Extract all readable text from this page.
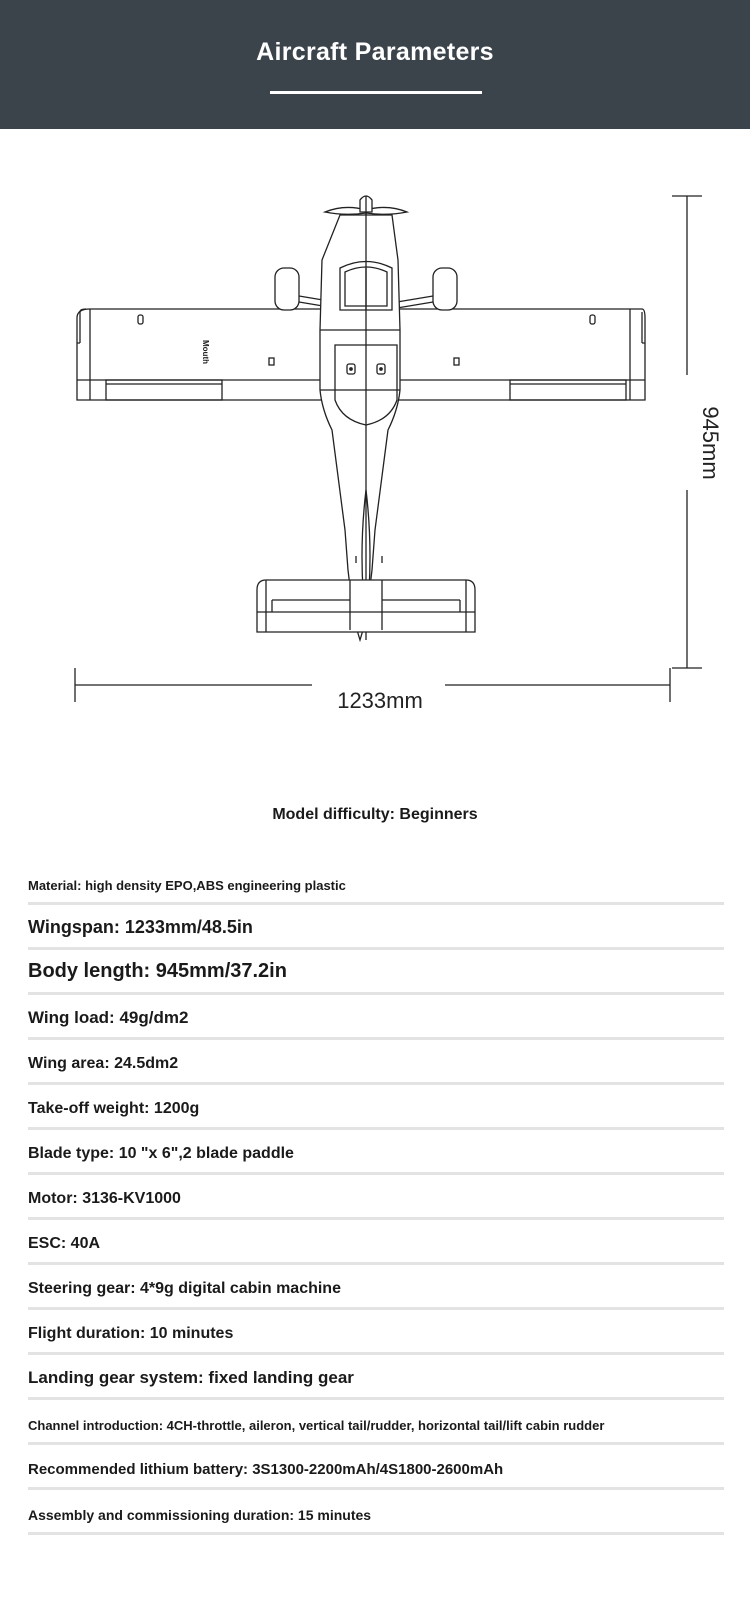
Aircraft Parameters
Mouth
1233mm
945mm
Model difficulty: Beginners
Material: high density EPO,ABS engineering plastic
Wingspan: 1233mm/48.5in
Body length: 945mm/37.2in
Wing load: 49g/dm2
Wing area: 24.5dm2
Take-off weight: 1200g
Blade type: 10 "x 6",2 blade paddle
Motor: 3136-KV1000
ESC: 40A
Steering gear: 4*9g digital cabin machine
Flight duration: 10 minutes
Landing gear system: fixed landing gear
Channel introduction: 4CH-throttle, aileron, vertical tail/rudder, horizontal tail/lift cabin rudder
Recommended lithium battery: 3S1300-2200mAh/4S1800-2600mAh
Assembly and commissioning duration: 15 minutes
